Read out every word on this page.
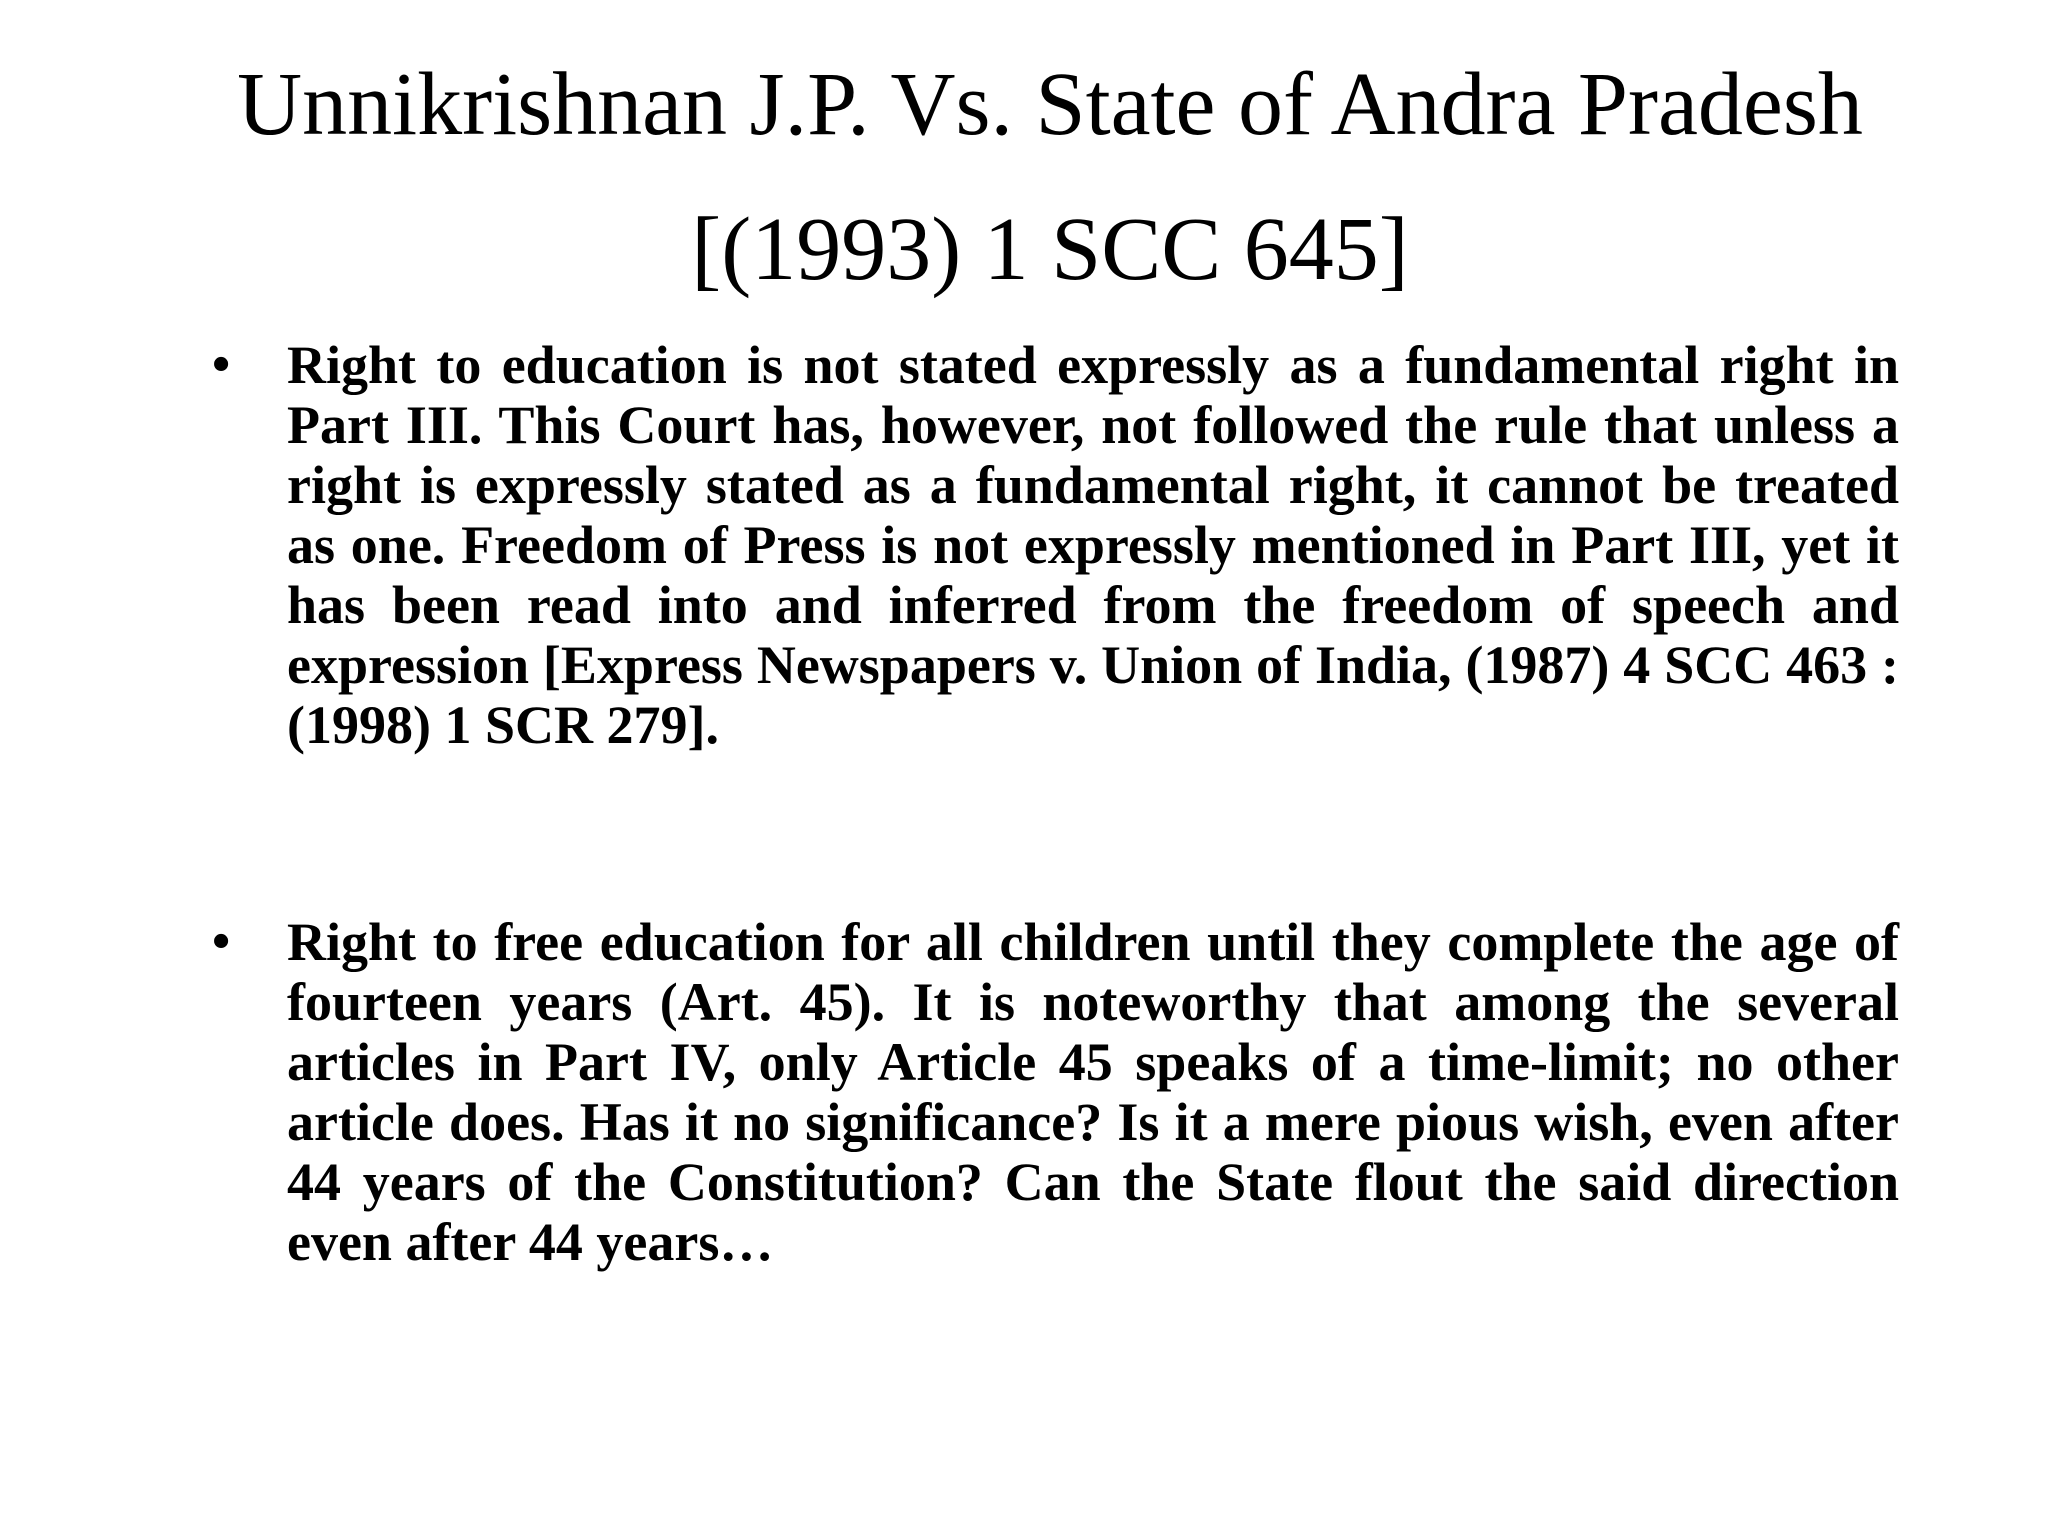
Unnikrishnan J.P. Vs. State of Andra Pradesh
[(1993) 1 SCC 645]
• Right to education is not stated expressly as a fundamental right in Part III. This Court has, however, not followed the rule that unless a right is expressly stated as a fundamental right, it cannot be treated as one. Freedom of Press is not expressly mentioned in Part III, yet it has been read into and inferred from the freedom of speech and expression [Express Newspapers v. Union of India, (1987) 4 SCC 463 : (1998) 1 SCR 279].

• Right to free education for all children until they complete the age of fourteen years (Art. 45). It is noteworthy that among the several articles in Part IV, only Article 45 speaks of a time-limit; no other article does. Has it no significance? Is it a mere pious wish, even after 44 years of the Constitution? Can the State flout the said direction even after 44 years…
